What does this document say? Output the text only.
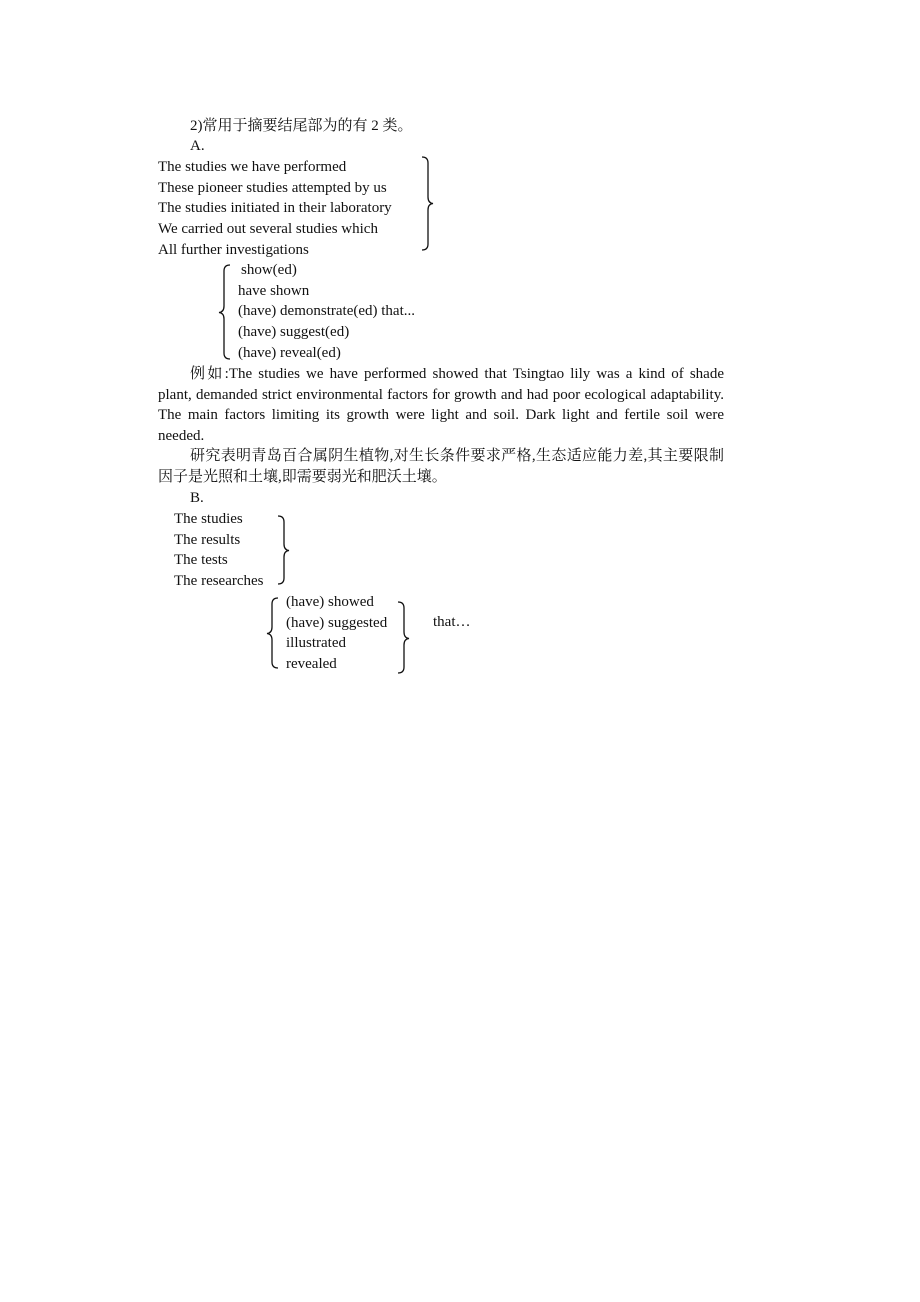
2)常用于摘要结尾部为的有 2 类。
A.
The studies we have performed
These pioneer studies attempted by us
The studies initiated in their laboratory
We carried out several studies which
All further investigations
show(ed)
have shown
(have) demonstrate(ed) that...
(have) suggest(ed)
(have) reveal(ed)
例如:The studies we have performed showed that Tsingtao lily was a kind of shade plant, demanded strict environmental factors for growth and had poor ecological adaptability. The main factors limiting its growth were light and soil. Dark light and fertile soil were needed.
研究表明青岛百合属阴生植物,对生长条件要求严格,生态适应能力差,其主要限制因子是光照和土壤,即需要弱光和肥沃土壤。
B.
The studies
The results
The tests
The researches
(have) showed
(have) suggested
illustrated
revealed
that…
